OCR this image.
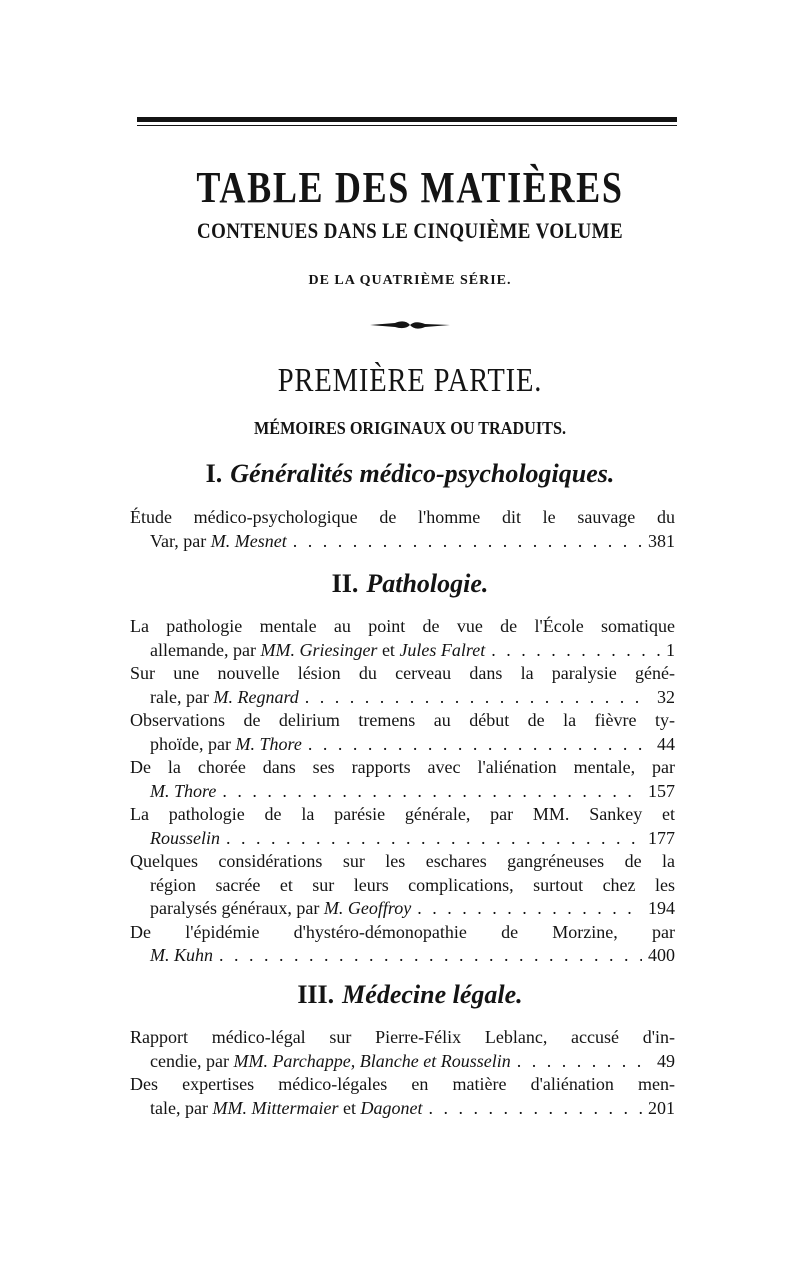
TABLE DES MATIÈRES
CONTENUES DANS LE CINQUIÈME VOLUME
DE LA QUATRIÈME SÉRIE.
PREMIÈRE PARTIE.
MÉMOIRES ORIGINAUX OU TRADUITS.
I. Généralités médico-psychologiques.
Étude médico-psychologique de l'homme dit le sauvage du
Var, par M. Mesnet . . .	381
II. Pathologie.
La pathologie mentale au point de vue de l'École somatique
allemande, par MM. Griesinger et Jules Falret . . .	1
Sur une nouvelle lésion du cerveau dans la paralysie géné-
rale, par M. Regnard . . .	32
Observations de delirium tremens au début de la fièvre ty-
phoïde, par M. Thore . . .	44
De la chorée dans ses rapports avec l'aliénation mentale, par
M. Thore . . .	157
La pathologie de la parésie générale, par MM. Sankey et
Rousselin . . .	177
Quelques considérations sur les eschares gangréneuses de la
région sacrée et sur leurs complications, surtout chez les
paralysés généraux, par M. Geoffroy . . .	194
De l'épidémie d'hystéro-démonopathie de Morzine, par
M. Kuhn . . .	400
III. Médecine légale.
Rapport médico-légal sur Pierre-Félix Leblanc, accusé d'in-
cendie, par MM. Parchappe, Blanche et Rousselin . . .	49
Des expertises médico-légales en matière d'aliénation men-
tale, par MM. Mittermaier et Dagonet . . .	201
